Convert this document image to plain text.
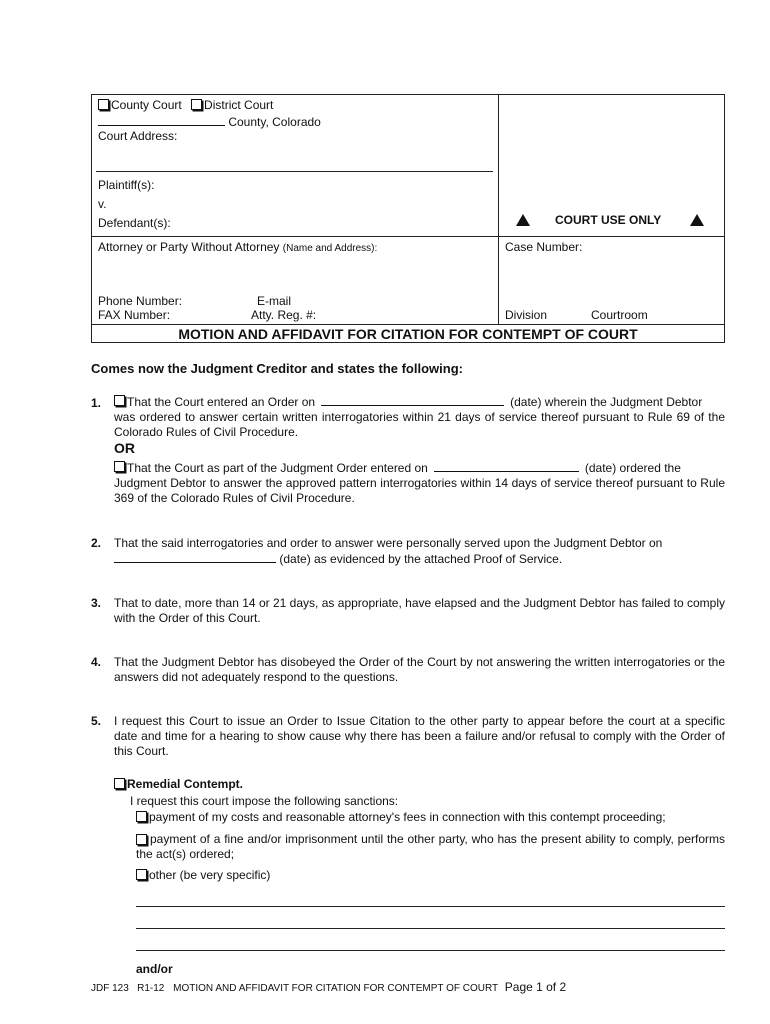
County Court District Court
County, Colorado
Court Address:
Plaintiff(s):
v.
Defendant(s):	COURT USE ONLY
Attorney or Party Without Attorney (Name and Address):	Case Number:
Phone Number:	E-mail
FAX Number:	Atty. Reg. #:	Division	Courtroom
MOTION AND AFFIDAVIT FOR CITATION FOR CONTEMPT OF COURT
Comes now the Judgment Creditor and states the following:
1. That the Court entered an Order on	(date) wherein the Judgment Debtor
was ordered to answer certain written interrogatories within 21 days of service thereof pursuant to Rule 69 of the Colorado Rules of Civil Procedure.
OR
That the Court as part of the Judgment Order entered on	(date) ordered the
Judgment Debtor to answer the approved pattern interrogatories within 14 days of service thereof pursuant to Rule 369 of the Colorado Rules of Civil Procedure.
2. That the said interrogatories and order to answer were personally served upon the Judgment Debtor on
(date) as evidenced by the attached Proof of Service.
3. That to date, more than 14 or 21 days, as appropriate, have elapsed and the Judgment Debtor has failed to comply with the Order of this Court.
4. That the Judgment Debtor has disobeyed the Order of the Court by not answering the written interrogatories or the answers did not adequately respond to the questions.
5. I request this Court to issue an Order to Issue Citation to the other party to appear before the court at a specific date and time for a hearing to show cause why there has been a failure and/or refusal to comply with the Order of this Court.
Remedial Contempt.
I request this court impose the following sanctions:
payment of my costs and reasonable attorney's fees in connection with this contempt proceeding;
payment of a fine and/or imprisonment until the other party, who has the present ability to comply, performs the act(s) ordered;
other (be very specific)
and/or
JDF 123   R1-12 MOTION AND AFFIDAVIT FOR CITATION FOR CONTEMPT OF COURT Page 1 of 2
